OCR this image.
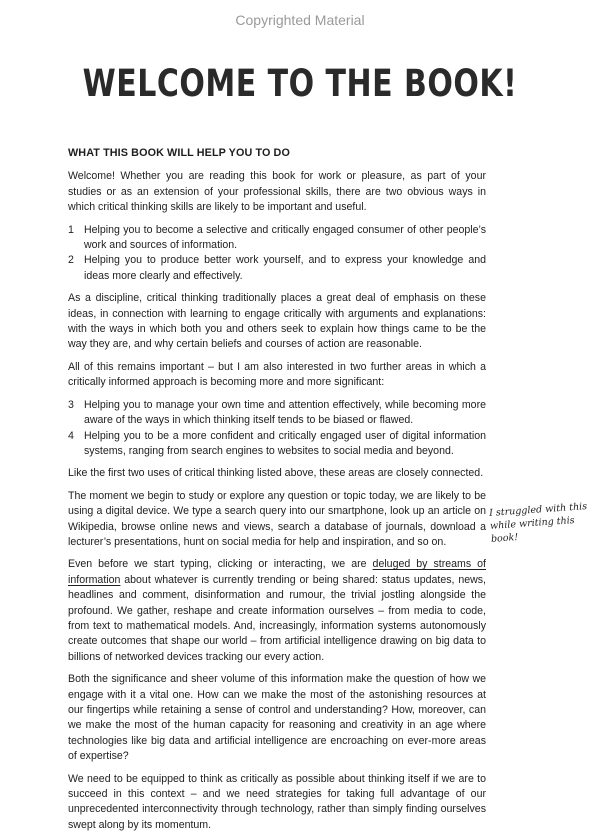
Copyrighted Material
WELCOME TO THE BOOK!
WHAT THIS BOOK WILL HELP YOU TO DO

Welcome! Whether you are reading this book for work or pleasure, as part of your studies or as an extension of your professional skills, there are two obvious ways in which critical thinking skills are likely to be important and useful.

1 Helping you to become a selective and critically engaged consumer of other people’s work and sources of information.
2 Helping you to produce better work yourself, and to express your knowledge and ideas more clearly and effectively.

As a discipline, critical thinking traditionally places a great deal of emphasis on these ideas, in connection with learning to engage critically with arguments and explanations: with the ways in which both you and others seek to explain how things came to be the way they are, and why certain beliefs and courses of action are reasonable.

All of this remains important – but I am also interested in two further areas in which a critically informed approach is becoming more and more significant:

3 Helping you to manage your own time and attention effectively, while becoming more aware of the ways in which thinking itself tends to be biased or flawed.
4 Helping you to be a more confident and critically engaged user of digital information systems, ranging from search engines to websites to social media and beyond.

Like the first two uses of critical thinking listed above, these areas are closely connected.

The moment we begin to study or explore any question or topic today, we are likely to be using a digital device. We type a search query into our smartphone, look up an article on Wikipedia, browse online news and views, search a database of journals, download a lecturer’s presentations, hunt on social media for help and inspiration, and so on.

Even before we start typing, clicking or interacting, we are deluged by streams of information about whatever is currently trending or being shared: status updates, news, headlines and comment, disinformation and rumour, the trivial jostling alongside the profound. We gather, reshape and create information ourselves – from media to code, from text to mathematical models. And, increasingly, information systems autonomously create outcomes that shape our world – from artificial intelligence drawing on big data to billions of networked devices tracking our every action.

Both the significance and sheer volume of this information make the question of how we engage with it a vital one. How can we make the most of the astonishing resources at our fingertips while retaining a sense of control and understanding? How, moreover, can we make the most of the human capacity for reasoning and creativity in an age where technologies like big data and artificial intelligence are encroaching on ever-more areas of expertise?

We need to be equipped to think as critically as possible about thinking itself if we are to succeed in this context – and we need strategies for taking full advantage of our unprecedented interconnectivity through technology, rather than simply finding ourselves swept along by its momentum.

I struggled with this while writing this book!
